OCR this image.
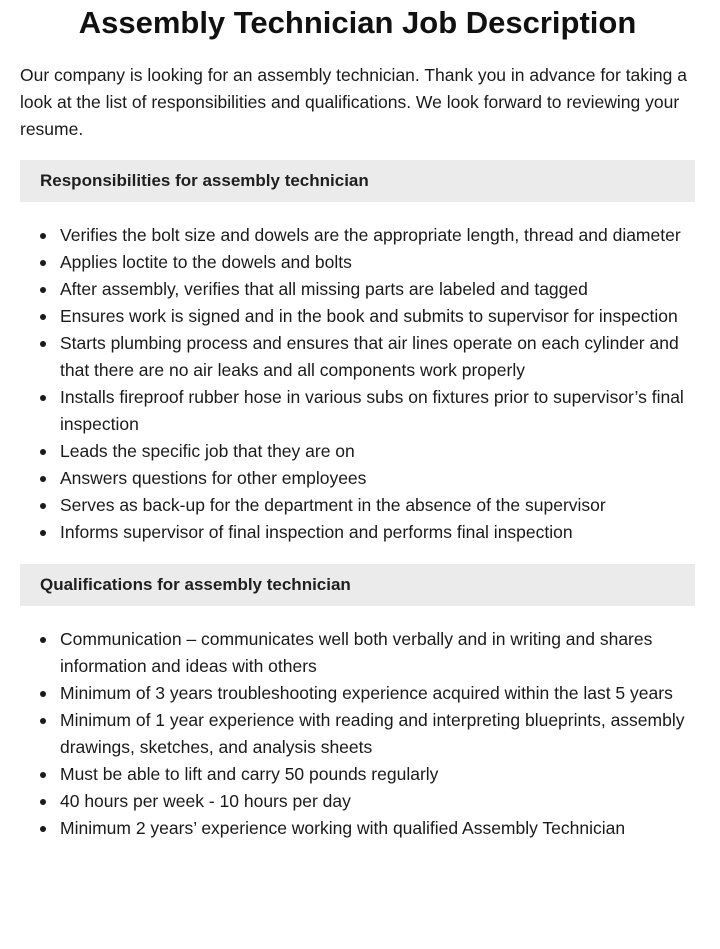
Assembly Technician Job Description

Our company is looking for an assembly technician. Thank you in advance for taking a look at the list of responsibilities and qualifications. We look forward to reviewing your resume.

Responsibilities for assembly technician
Verifies the bolt size and dowels are the appropriate length, thread and diameter
Applies loctite to the dowels and bolts
After assembly, verifies that all missing parts are labeled and tagged
Ensures work is signed and in the book and submits to supervisor for inspection
Starts plumbing process and ensures that air lines operate on each cylinder and that there are no air leaks and all components work properly
Installs fireproof rubber hose in various subs on fixtures prior to supervisor’s final inspection
Leads the specific job that they are on
Answers questions for other employees
Serves as back-up for the department in the absence of the supervisor
Informs supervisor of final inspection and performs final inspection
Qualifications for assembly technician
Communication – communicates well both verbally and in writing and shares information and ideas with others
Minimum of 3 years troubleshooting experience acquired within the last 5 years
Minimum of 1 year experience with reading and interpreting blueprints, assembly drawings, sketches, and analysis sheets
Must be able to lift and carry 50 pounds regularly
40 hours per week - 10 hours per day
Minimum 2 years’ experience working with qualified Assembly Technician
